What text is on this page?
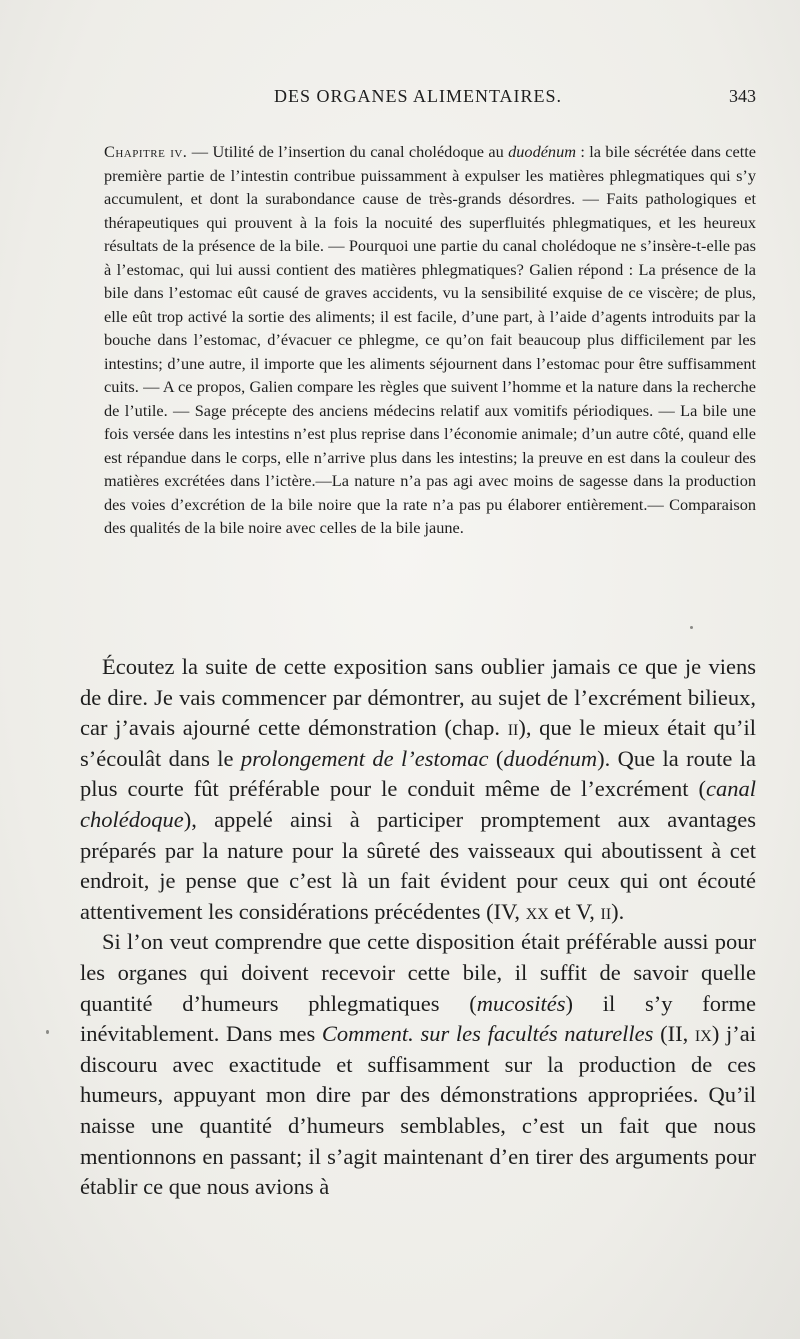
DES ORGANES ALIMENTAIRES.	343
Chapitre iv. — Utilité de l’insertion du canal cholédoque au duodénum : la bile sécrétée dans cette première partie de l’intestin contribue puissamment à expulser les matières phlegmatiques qui s’y accumulent, et dont la surabondance cause de très-grands désordres. — Faits pathologiques et thérapeutiques qui prouvent à la fois la nocuité des superfluités phlegmatiques, et les heureux résultats de la présence de la bile. — Pourquoi une partie du canal cholédoque ne s’insère-t-elle pas à l’estomac, qui lui aussi contient des matières phlegmatiques? Galien répond : La présence de la bile dans l’estomac eût causé de graves accidents, vu la sensibilité exquise de ce viscère; de plus, elle eût trop activé la sortie des aliments; il est facile, d’une part, à l’aide d’agents introduits par la bouche dans l’estomac, d’évacuer ce phlegme, ce qu’on fait beaucoup plus difficilement par les intestins; d’une autre, il importe que les aliments séjournent dans l’estomac pour être suffisamment cuits. — A ce propos, Galien compare les règles que suivent l’homme et la nature dans la recherche de l’utile. — Sage précepte des anciens médecins relatif aux vomitifs périodiques. — La bile une fois versée dans les intestins n’est plus reprise dans l’économie animale; d’un autre côté, quand elle est répandue dans le corps, elle n’arrive plus dans les intestins; la preuve en est dans la couleur des matières excrétées dans l’ictère.—La nature n’a pas agi avec moins de sagesse dans la production des voies d’excrétion de la bile noire que la rate n’a pas pu élaborer entièrement.— Comparaison des qualités de la bile noire avec celles de la bile jaune.

Écoutez la suite de cette exposition sans oublier jamais ce que je viens de dire. Je vais commencer par démontrer, au sujet de l’excrément bilieux, car j’avais ajourné cette démonstration (chap. ii), que le mieux était qu’il s’écoulât dans le prolongement de l’estomac (duodénum). Que la route la plus courte fût préférable pour le conduit même de l’excrément (canal cholédoque), appelé ainsi à participer promptement aux avantages préparés par la nature pour la sûreté des vaisseaux qui aboutissent à cet endroit, je pense que c’est là un fait évident pour ceux qui ont écouté attentivement les considérations précédentes (IV, xx et V, ii).

Si l’on veut comprendre que cette disposition était préférable aussi pour les organes qui doivent recevoir cette bile, il suffit de savoir quelle quantité d’humeurs phlegmatiques (mucosités) il s’y forme inévitablement. Dans mes Comment. sur les facultés naturelles (II, ix) j’ai discouru avec exactitude et suffisamment sur la production de ces humeurs, appuyant mon dire par des démonstrations appropriées. Qu’il naisse une quantité d’humeurs semblables, c’est un fait que nous mentionnons en passant; il s’agit maintenant d’en tirer des arguments pour établir ce que nous avions à
